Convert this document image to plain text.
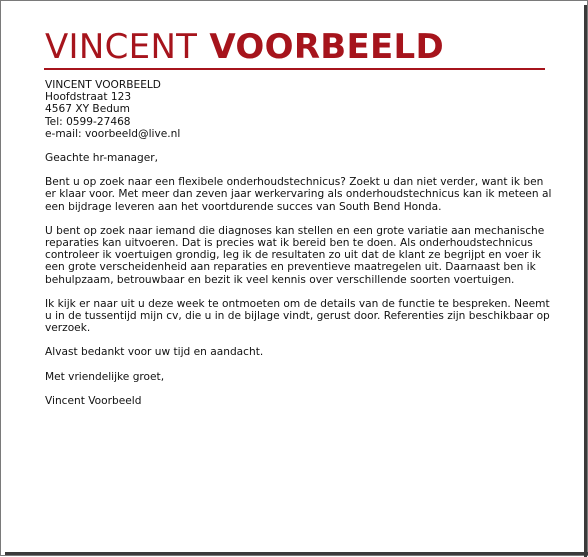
VINCENT VOORBEELD
VINCENT VOORBEELD
Hoofdstraat 123
4567 XY Bedum
Tel: 0599-27468
e-mail: voorbeeld@live.nl

Geachte hr-manager,

Bent u op zoek naar een flexibele onderhoudstechnicus? Zoekt u dan niet verder, want ik ben er klaar voor. Met meer dan zeven jaar werkervaring als onderhoudstechnicus kan ik meteen al een bijdrage leveren aan het voortdurende succes van South Bend Honda.

U bent op zoek naar iemand die diagnoses kan stellen en een grote variatie aan mechanische reparaties kan uitvoeren. Dat is precies wat ik bereid ben te doen. Als onderhoudstechnicus controleer ik voertuigen grondig, leg ik de resultaten zo uit dat de klant ze begrijpt en voer ik een grote verscheidenheid aan reparaties en preventieve maatregelen uit. Daarnaast ben ik behulpzaam, betrouwbaar en bezit ik veel kennis over verschillende soorten voertuigen.

Ik kijk er naar uit u deze week te ontmoeten om de details van de functie te bespreken. Neemt u in de tussentijd mijn cv, die u in de bijlage vindt, gerust door. Referenties zijn beschikbaar op verzoek.

Alvast bedankt voor uw tijd en aandacht.

Met vriendelijke groet,

Vincent Voorbeeld
